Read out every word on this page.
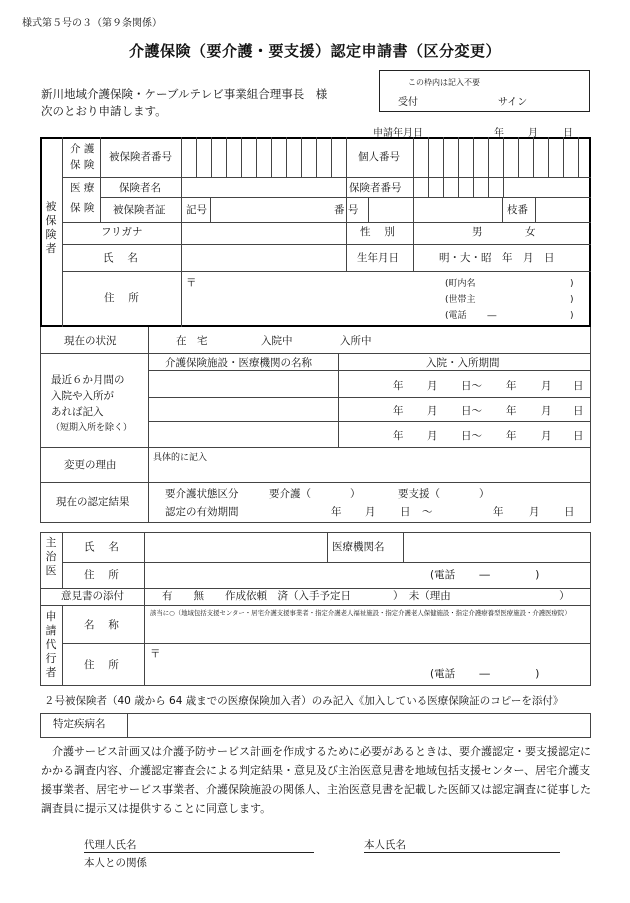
様式第５号の３（第９条関係）
介護保険（要介護・要支援）認定申請書（区分変更）
新川地域介護保険・ケーブルテレビ事業組合理事長　様
次のとおり申請します。
この枠内は記入不要
受付	サイン
申請年月日	年 月	日
被
保
険
者
介 護
保 険
被保険者番号	個人番号
医 療
保 険
保険者名	保険者番号
被保険者証 記号	番 号	枝番
フリガナ	性　 別	男	女
氏　 名	生年月日	明・大・昭　年　月　日
住　 所
〒	(町内名	)
(世帯主	)
(電話　　 ―	)
現在の状況	在　宅	入院中	入所中
最近６か月間の
入院や入所が
あれば記入
（短期入所を除く）
介護保険施設・医療機関の名称	入院・入所期間
年 月 日～ 年 月 日
年 月 日～ 年 月 日
年 月 日～ 年 月 日
変更の理由
具体的に記入
現在の認定結果
要介護状態区分	要介護（	）	要支援（	）
認定の有効期間	年 月 日 ～	年 月 日
主
治
医
氏　 名	医療機関名
住　 所	(電話　　 ―　　　　 )
意見書の添付	有　　無　　作成依頼　済（入手予定日　　　　）　未（理由　　　　　　　　　　 ）
申
請
代
行
者
名　 称
該当に○（地域包括支援センター・居宅介護支援事業者・指定介護老人福祉施設・指定介護老人保健施設・指定介護療養型医療施設・介護医療院）
住　 所
〒
(電話　　 ―　　　　 )
２号被保険者（40 歳から 64 歳までの医療保険加入者）のみ記入《加入している医療保険証のコピーを添付》
特定疾病名
介護サービス計画又は介護予防サービス計画を作成するために必要があるときは、要介護認定・要支援認定にかかる調査内容、介護認定審査会による判定結果・意見及び主治医意見書を地域包括支援センター、居宅介護支援事業者、居宅サービス事業者、介護保険施設の関係人、主治医意見書を記載した医師又は認定調査に従事した調査員に提示又は提供することに同意します。
代理人氏名
本人との関係
本人氏名
